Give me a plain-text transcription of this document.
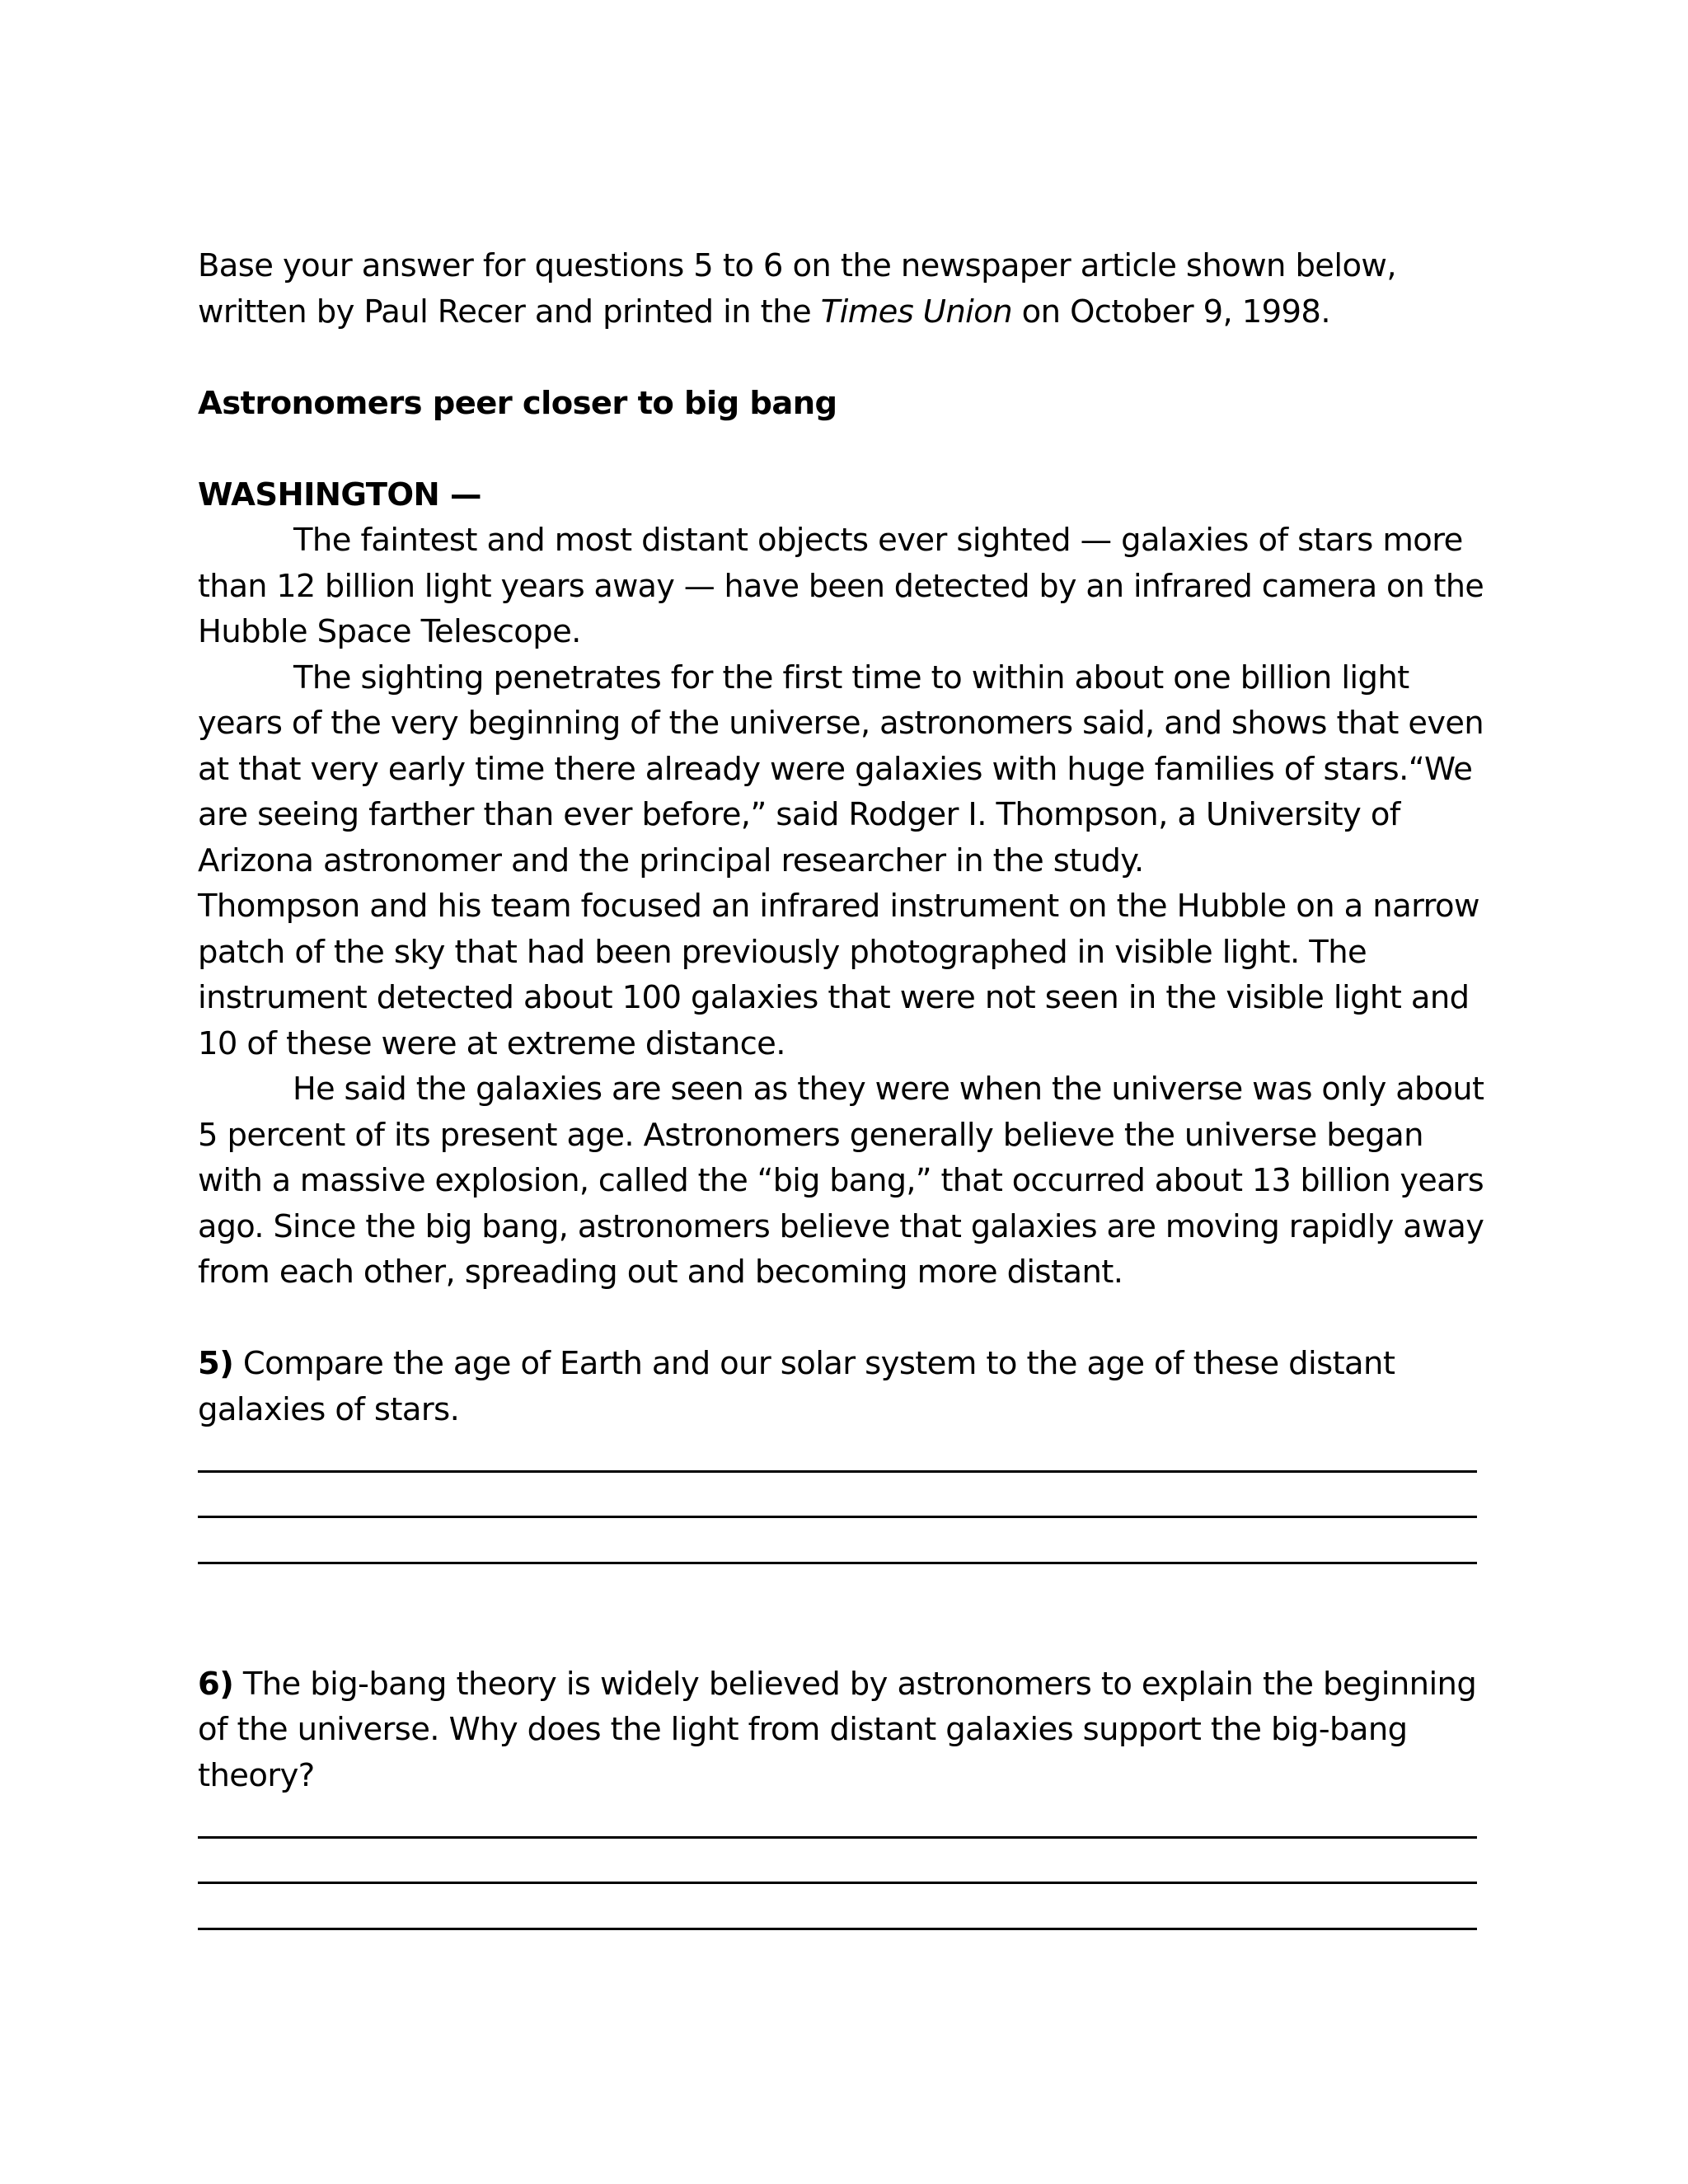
Base your answer for questions 5 to 6 on the newspaper article shown below,
written by Paul Recer and printed in the Times Union on October 9, 1998.
Astronomers peer closer to big bang
WASHINGTON —
The faintest and most distant objects ever sighted — galaxies of stars more
than 12 billion light years away — have been detected by an infrared camera on the
Hubble Space Telescope.
The sighting penetrates for the first time to within about one billion light
years of the very beginning of the universe, astronomers said, and shows that even
at that very early time there already were galaxies with huge families of stars.“We
are seeing farther than ever before,” said Rodger I. Thompson, a University of
Arizona astronomer and the principal researcher in the study.
Thompson and his team focused an infrared instrument on the Hubble on a narrow
patch of the sky that had been previously photographed in visible light. The
instrument detected about 100 galaxies that were not seen in the visible light and
10 of these were at extreme distance.
He said the galaxies are seen as they were when the universe was only about
5 percent of its present age. Astronomers generally believe the universe began
with a massive explosion, called the “big bang,” that occurred about 13 billion years
ago. Since the big bang, astronomers believe that galaxies are moving rapidly away
from each other, spreading out and becoming more distant.
5) Compare the age of Earth and our solar system to the age of these distant
galaxies of stars.
6) The big-bang theory is widely believed by astronomers to explain the beginning
of the universe. Why does the light from distant galaxies support the big-bang
theory?
